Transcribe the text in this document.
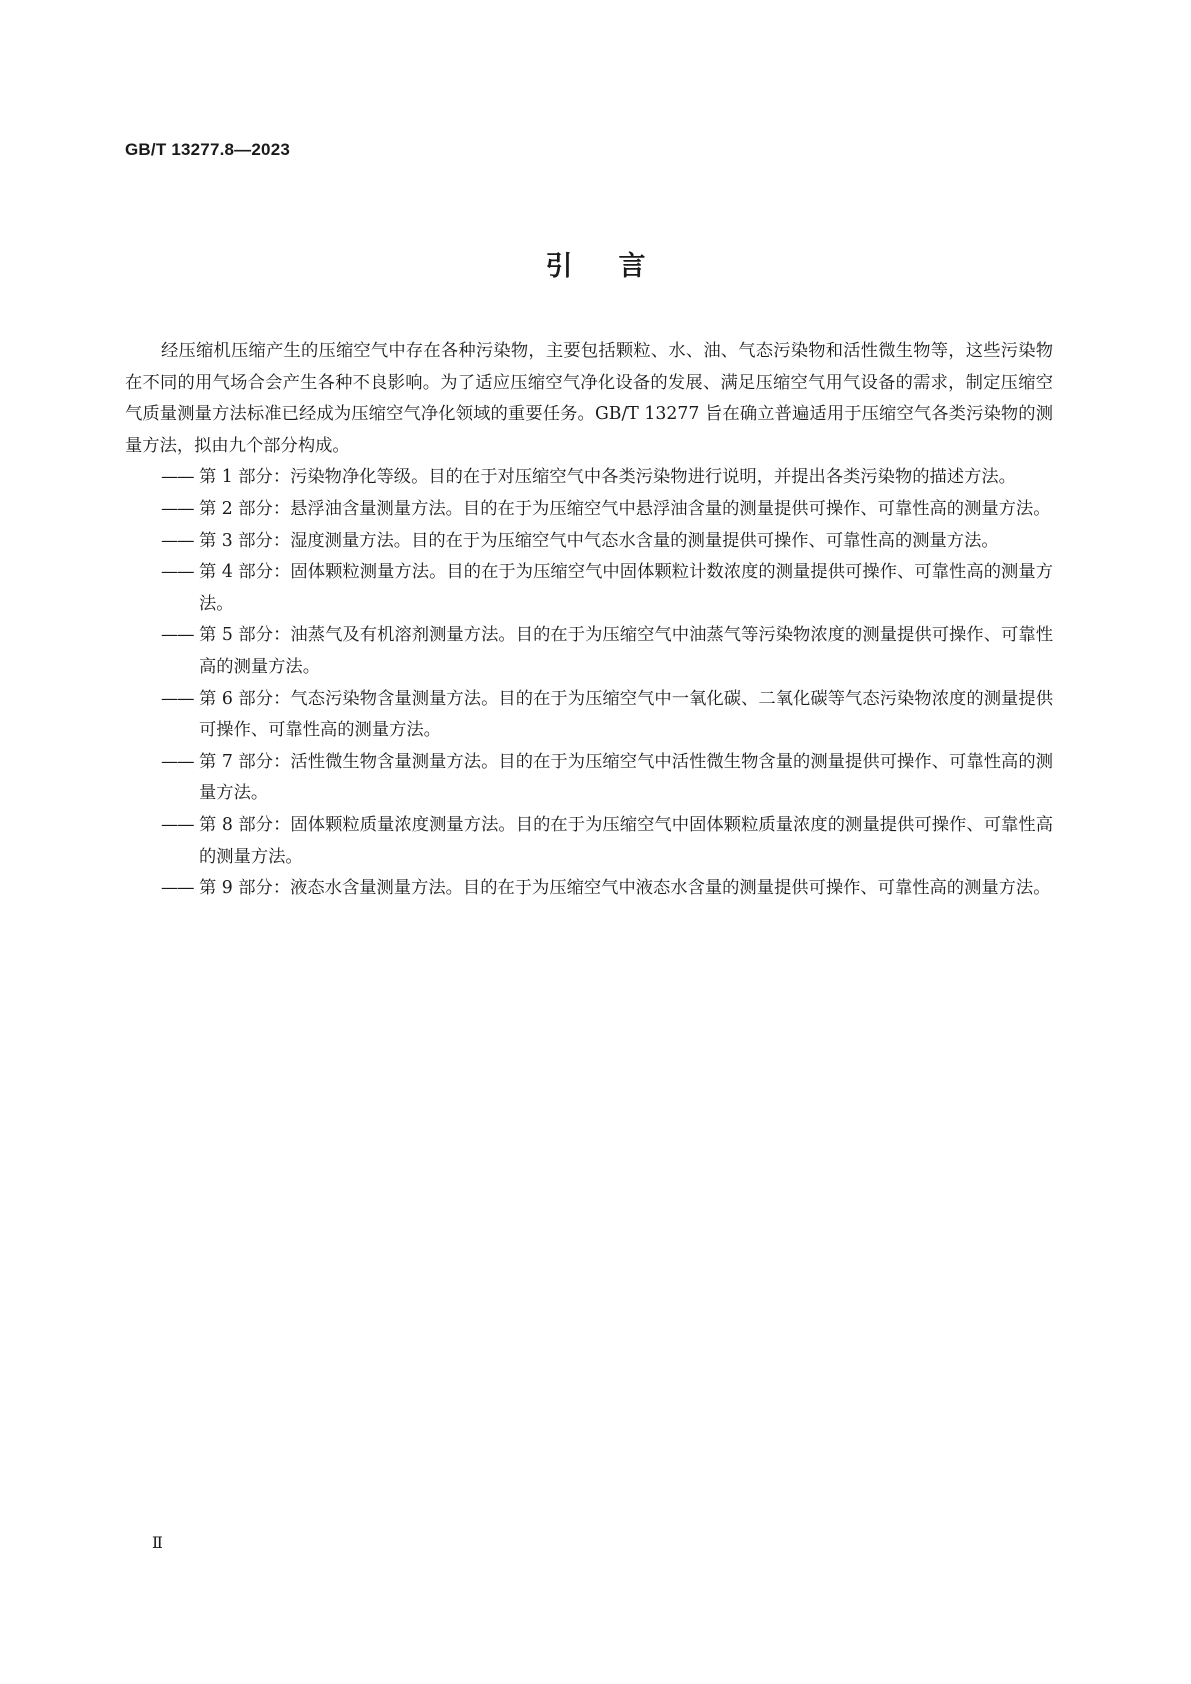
GB/T 13277.8—2023
引言

经压缩机压缩产生的压缩空气中存在各种污染物，主要包括颗粒、水、油、气态污染物和活性微生物等，这些污染物在不同的用气场合会产生各种不良影响。为了适应压缩空气净化设备的发展、满足压缩空气用气设备的需求，制定压缩空气质量测量方法标准已经成为压缩空气净化领域的重要任务。GB/T 13277 旨在确立普遍适用于压缩空气各类污染物的测量方法，拟由九个部分构成。

—— 第 1 部分：污染物净化等级。目的在于对压缩空气中各类污染物进行说明，并提出各类污染物的描述方法。
—— 第 2 部分：悬浮油含量测量方法。目的在于为压缩空气中悬浮油含量的测量提供可操作、可靠性高的测量方法。
—— 第 3 部分：湿度测量方法。目的在于为压缩空气中气态水含量的测量提供可操作、可靠性高的测量方法。
—— 第 4 部分：固体颗粒测量方法。目的在于为压缩空气中固体颗粒计数浓度的测量提供可操作、可靠性高的测量方法。
—— 第 5 部分：油蒸气及有机溶剂测量方法。目的在于为压缩空气中油蒸气等污染物浓度的测量提供可操作、可靠性高的测量方法。
—— 第 6 部分：气态污染物含量测量方法。目的在于为压缩空气中一氧化碳、二氧化碳等气态污染物浓度的测量提供可操作、可靠性高的测量方法。
—— 第 7 部分：活性微生物含量测量方法。目的在于为压缩空气中活性微生物含量的测量提供可操作、可靠性高的测量方法。
—— 第 8 部分：固体颗粒质量浓度测量方法。目的在于为压缩空气中固体颗粒质量浓度的测量提供可操作、可靠性高的测量方法。
—— 第 9 部分：液态水含量测量方法。目的在于为压缩空气中液态水含量的测量提供可操作、可靠性高的测量方法。
Ⅱ
